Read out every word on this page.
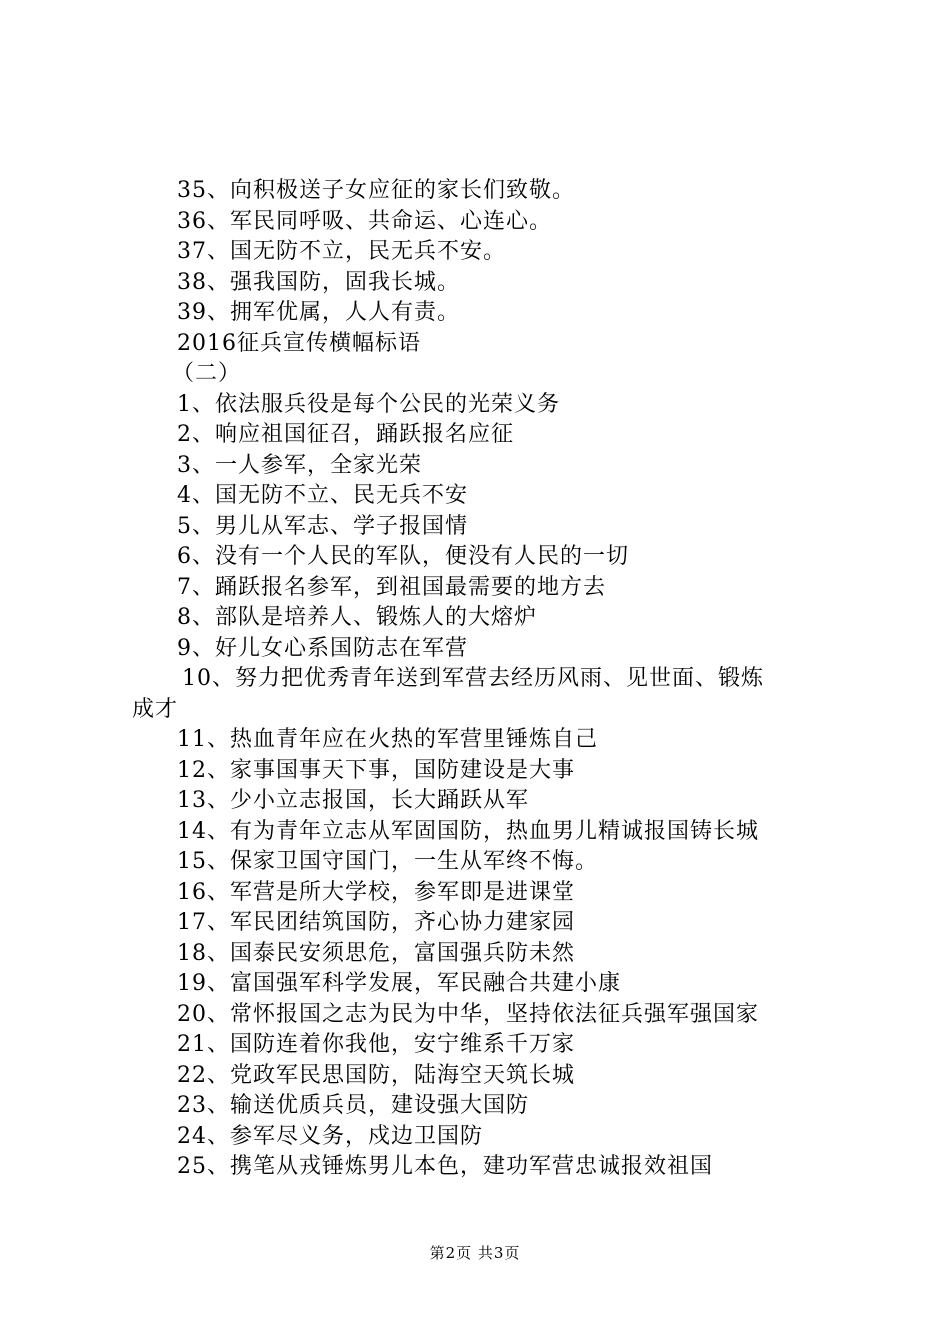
35、向积极送子女应征的家长们致敬。
36、军民同呼吸、共命运、心连心。
37、国无防不立，民无兵不安。
38、强我国防，固我长城。
39、拥军优属，人人有责。
2016征兵宣传横幅标语
（二）
1、依法服兵役是每个公民的光荣义务
2、响应祖国征召，踊跃报名应征
3、一人参军，全家光荣
4、国无防不立、民无兵不安
5、男儿从军志、学子报国情
6、没有一个人民的军队，便没有人民的一切
7、踊跃报名参军，到祖国最需要的地方去
8、部队是培养人、锻炼人的大熔炉
9、好儿女心系国防志在军营
10、努力把优秀青年送到军营去经历风雨、见世面、锻炼
成才
11、热血青年应在火热的军营里锤炼自己
12、家事国事天下事，国防建设是大事
13、少小立志报国，长大踊跃从军
14、有为青年立志从军固国防，热血男儿精诚报国铸长城
15、保家卫国守国门，一生从军终不悔。
16、军营是所大学校，参军即是进课堂
17、军民团结筑国防，齐心协力建家园
18、国泰民安须思危，富国强兵防未然
19、富国强军科学发展，军民融合共建小康
20、常怀报国之志为民为中华，坚持依法征兵强军强国家
21、国防连着你我他，安宁维系千万家
22、党政军民思国防，陆海空天筑长城
23、输送优质兵员，建设强大国防
24、参军尽义务，戍边卫国防
25、携笔从戎锤炼男儿本色，建功军营忠诚报效祖国
第2页 共3页
